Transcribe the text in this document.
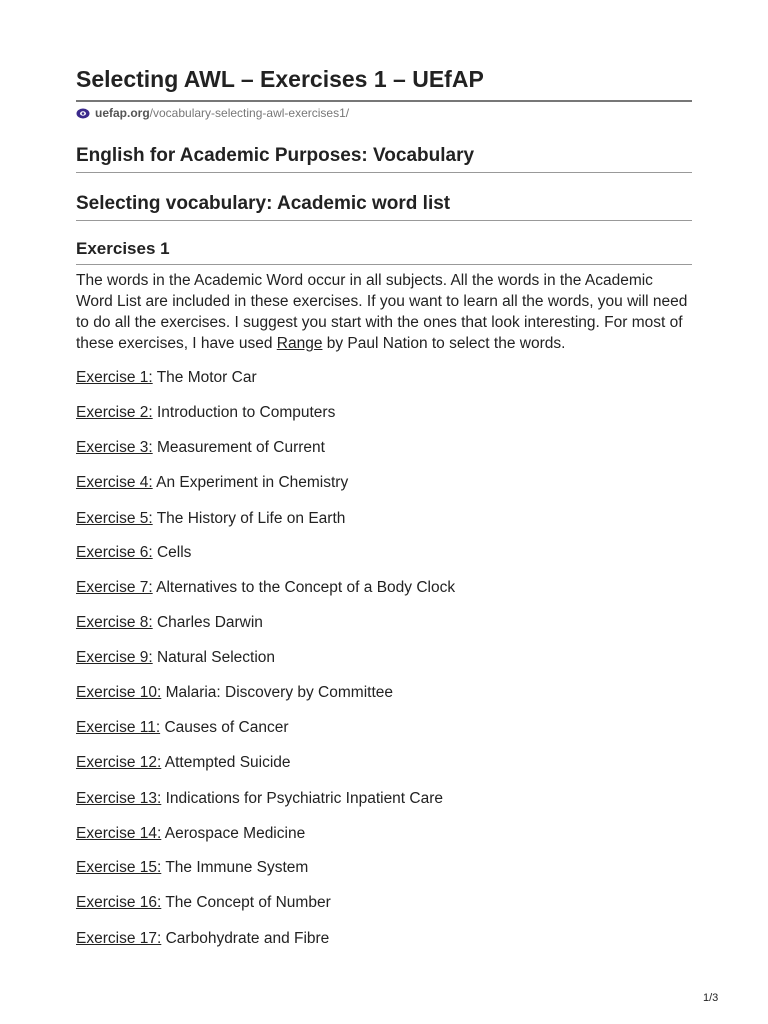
Selecting AWL – Exercises 1 – UEfAP
uefap.org /vocabulary-selecting-awl-exercises1/
English for Academic Purposes: Vocabulary
Selecting vocabulary: Academic word list
Exercises 1

The words in the Academic Word occur in all subjects. All the words in the Academic Word List are included in these exercises. If you want to learn all the words, you will need to do all the exercises. I suggest you start with the ones that look interesting. For most of these exercises, I have used Range by Paul Nation to select the words.

Exercise 1: The Motor Car
Exercise 2: Introduction to Computers
Exercise 3: Measurement of Current
Exercise 4: An Experiment in Chemistry
Exercise 5: The History of Life on Earth
Exercise 6: Cells
Exercise 7: Alternatives to the Concept of a Body Clock
Exercise 8: Charles Darwin
Exercise 9: Natural Selection
Exercise 10: Malaria: Discovery by Committee
Exercise 11: Causes of Cancer
Exercise 12: Attempted Suicide
Exercise 13: Indications for Psychiatric Inpatient Care
Exercise 14: Aerospace Medicine
Exercise 15: The Immune System
Exercise 16: The Concept of Number
Exercise 17: Carbohydrate and Fibre
1/3
